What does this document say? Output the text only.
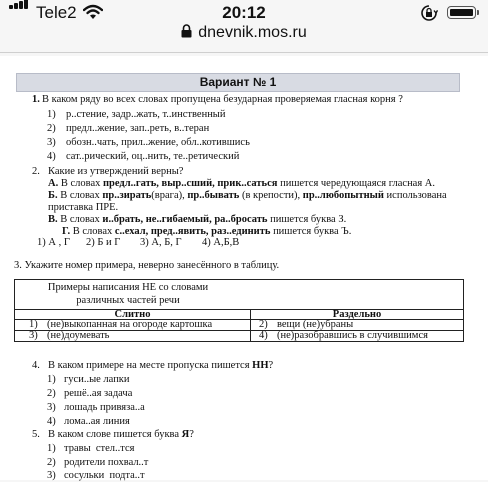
Tele2	20:12
dnevnik.mos.ru
Вариант № 1
1. В каком ряду во всех словах пропущена безударная проверяемая гласная корня ?
1) р..стение, задр..жать, т..инственный
2) предл..жение, зап..реть, в..теран
3) обозн..чать, прил..жение, обл..котившись
4) сат..рический, оц..нить, те..ретический
2. Какие из утверждений верны?
А. В словах предл..гать, выр..сший, прик..саться пишется чередующаяся гласная А.
Б. В словах пр..зирать(врага), пр..бывать (в крепости), пр..любопытный использована
приставка ПРЕ.
В. В словах и..брать, не..гибаемый, ра..бросать пишется буква З.
Г. В словах с..ехал, пред..явить, раз..единить пишется буква Ъ.
1) А , Г 2) Б и Г 3) А, Б, Г 4) А,Б,В
3. Укажите номер примера, неверно занесённого в таблицу.
Примеры написания НЕ со словами
различных частей речи
Слитно	Раздельно
1) (не)выкопанная на огороде картошка	2) вещи (не)убраны
3) (не)доумевать	4) (не)разобравшись в случившимся
4. В каком примере на месте пропуска пишется НН?
1) гуси..ые лапки
2) решё..ая задача
3) лошадь привяза..а
4) лома..ая линия
5. В каком слове пишется буква Я?
1) травы  стел..тся
2) родители похвал..т
3) сосульки  подта..т
